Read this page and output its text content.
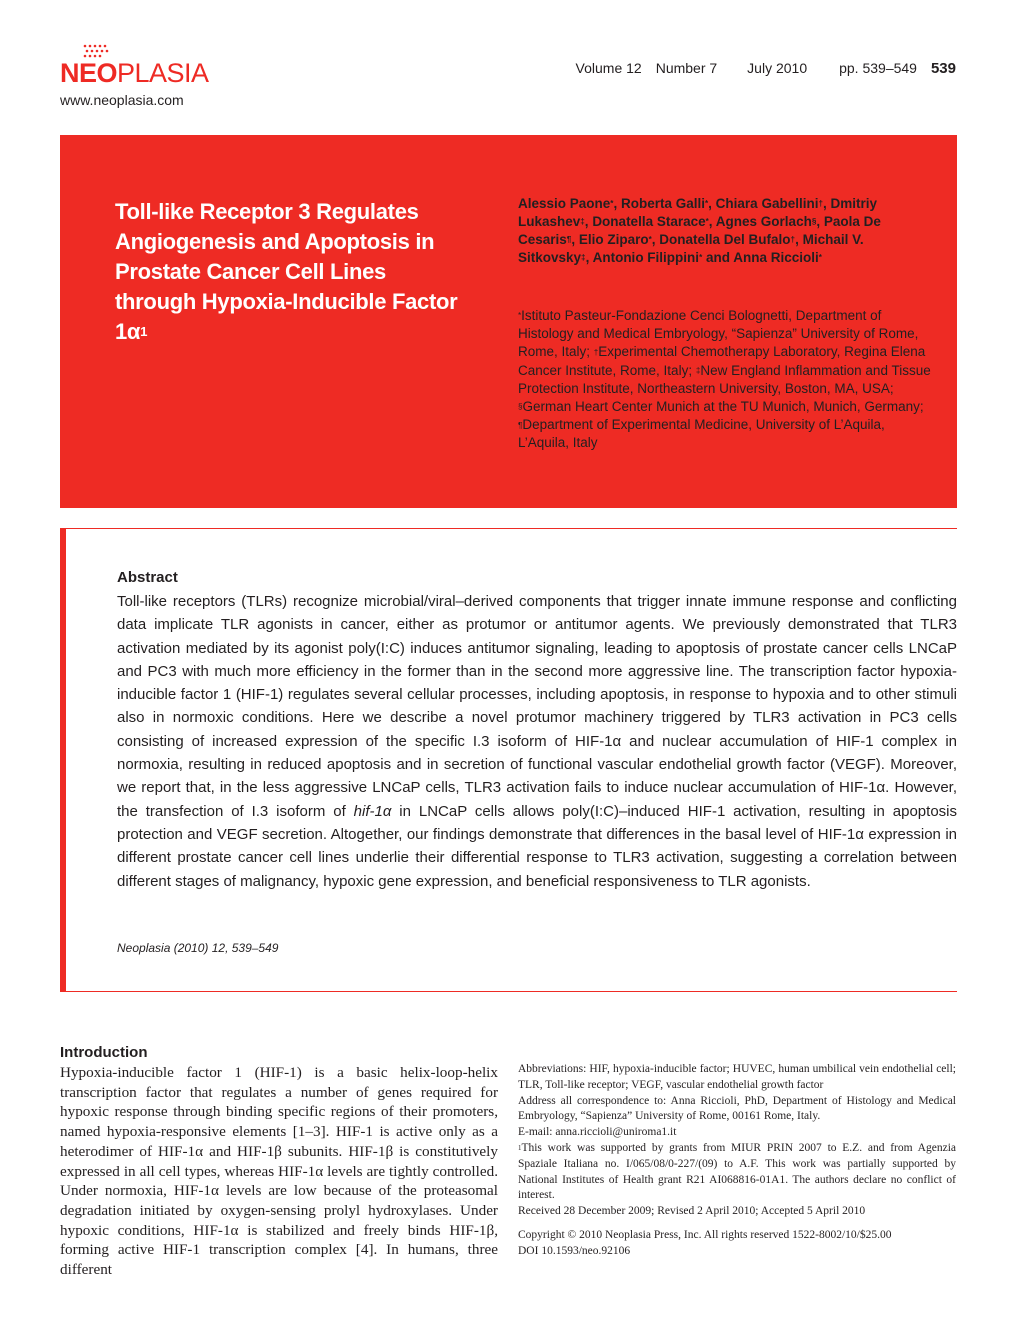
NEOPLASIA
www.neoplasia.com
Volume 12 Number 7 July 2010 pp. 539–549 539
Toll-like Receptor 3 Regulates Angiogenesis and Apoptosis in Prostate Cancer Cell Lines through Hypoxia-Inducible Factor $1\alpha^1$
Alessio Paone*, Roberta Galli*, Chiara Gabellini†, Dmitriy Lukashev‡, Donatella Starace*, Agnes Gorlach§, Paola De Cesaris¶, Elio Ziparo*, Donatella Del Bufalo†, Michail V. Sitkovsky‡, Antonio Filippini* and Anna Riccioli*
*Istituto Pasteur-Fondazione Cenci Bolognetti, Department of Histology and Medical Embryology, “Sapienza” University of Rome, Rome, Italy; †Experimental Chemotherapy Laboratory, Regina Elena Cancer Institute, Rome, Italy; ‡New England Inflammation and Tissue Protection Institute, Northeastern University, Boston, MA, USA; §German Heart Center Munich at the TU Munich, Munich, Germany; ¶Department of Experimental Medicine, University of L’Aquila, L’Aquila, Italy
Abstract
Toll-like receptors (TLRs) recognize microbial/viral–derived components that trigger innate immune response and conflicting data implicate TLR agonists in cancer, either as protumor or antitumor agents. We previously demonstrated that TLR3 activation mediated by its agonist poly(I:C) induces antitumor signaling, leading to apoptosis of prostate cancer cells LNCaP and PC3 with much more efficiency in the former than in the second more aggressive line. The transcription factor hypoxia-inducible factor 1 (HIF-1) regulates several cellular processes, including apoptosis, in response to hypoxia and to other stimuli also in normoxic conditions. Here we describe a novel protumor machinery triggered by TLR3 activation in PC3 cells consisting of increased expression of the specific I.3 isoform of HIF-1α and nuclear accumulation of HIF-1 complex in normoxia, resulting in reduced apoptosis and in secretion of functional vascular endothelial growth factor (VEGF). Moreover, we report that, in the less aggressive LNCaP cells, TLR3 activation fails to induce nuclear accumulation of HIF-1α. However, the transfection of I.3 isoform of hif-1α in LNCaP cells allows poly(I:C)–induced HIF-1 activation, resulting in apoptosis protection and VEGF secretion. Altogether, our findings demonstrate that differences in the basal level of HIF-1α expression in different prostate cancer cell lines underlie their differential response to TLR3 activation, suggesting a correlation between different stages of malignancy, hypoxic gene expression, and beneficial responsiveness to TLR agonists.
Neoplasia (2010) 12, 539–549
Introduction
Hypoxia-inducible factor 1 (HIF-1) is a basic helix-loop-helix transcription factor that regulates a number of genes required for hypoxic response through binding specific regions of their promoters, named hypoxia-responsive elements [1–3]. HIF-1 is active only as a heterodimer of HIF-1α and HIF-1β subunits. HIF-1β is constitutively expressed in all cell types, whereas HIF-1α levels are tightly controlled. Under normoxia, HIF-1α levels are low because of the proteasomal degradation initiated by oxygen-sensing prolyl hydroxylases. Under hypoxic conditions, HIF-1α is stabilized and freely binds HIF-1β, forming active HIF-1 transcription complex [4]. In humans, three different

Abbreviations: HIF, hypoxia-inducible factor; HUVEC, human umbilical vein endothelial cell; TLR, Toll-like receptor; VEGF, vascular endothelial growth factor

Address all correspondence to: Anna Riccioli, PhD, Department of Histology and Medical Embryology, “Sapienza” University of Rome, 00161 Rome, Italy.

E-mail: anna.riccioli@uniroma1.it

$^1$This work was supported by grants from MIUR PRIN 2007 to E.Z. and from Agenzia Spaziale Italiana no. I/065/08/0-227/(09) to A.F. This work was partially supported by National Institutes of Health grant R21 AI068816-01A1. The authors declare no conflict of interest.

Received 28 December 2009; Revised 2 April 2010; Accepted 5 April 2010

Copyright © 2010 Neoplasia Press, Inc. All rights reserved 1522-8002/10/$25.00

DOI 10.1593/neo.92106
